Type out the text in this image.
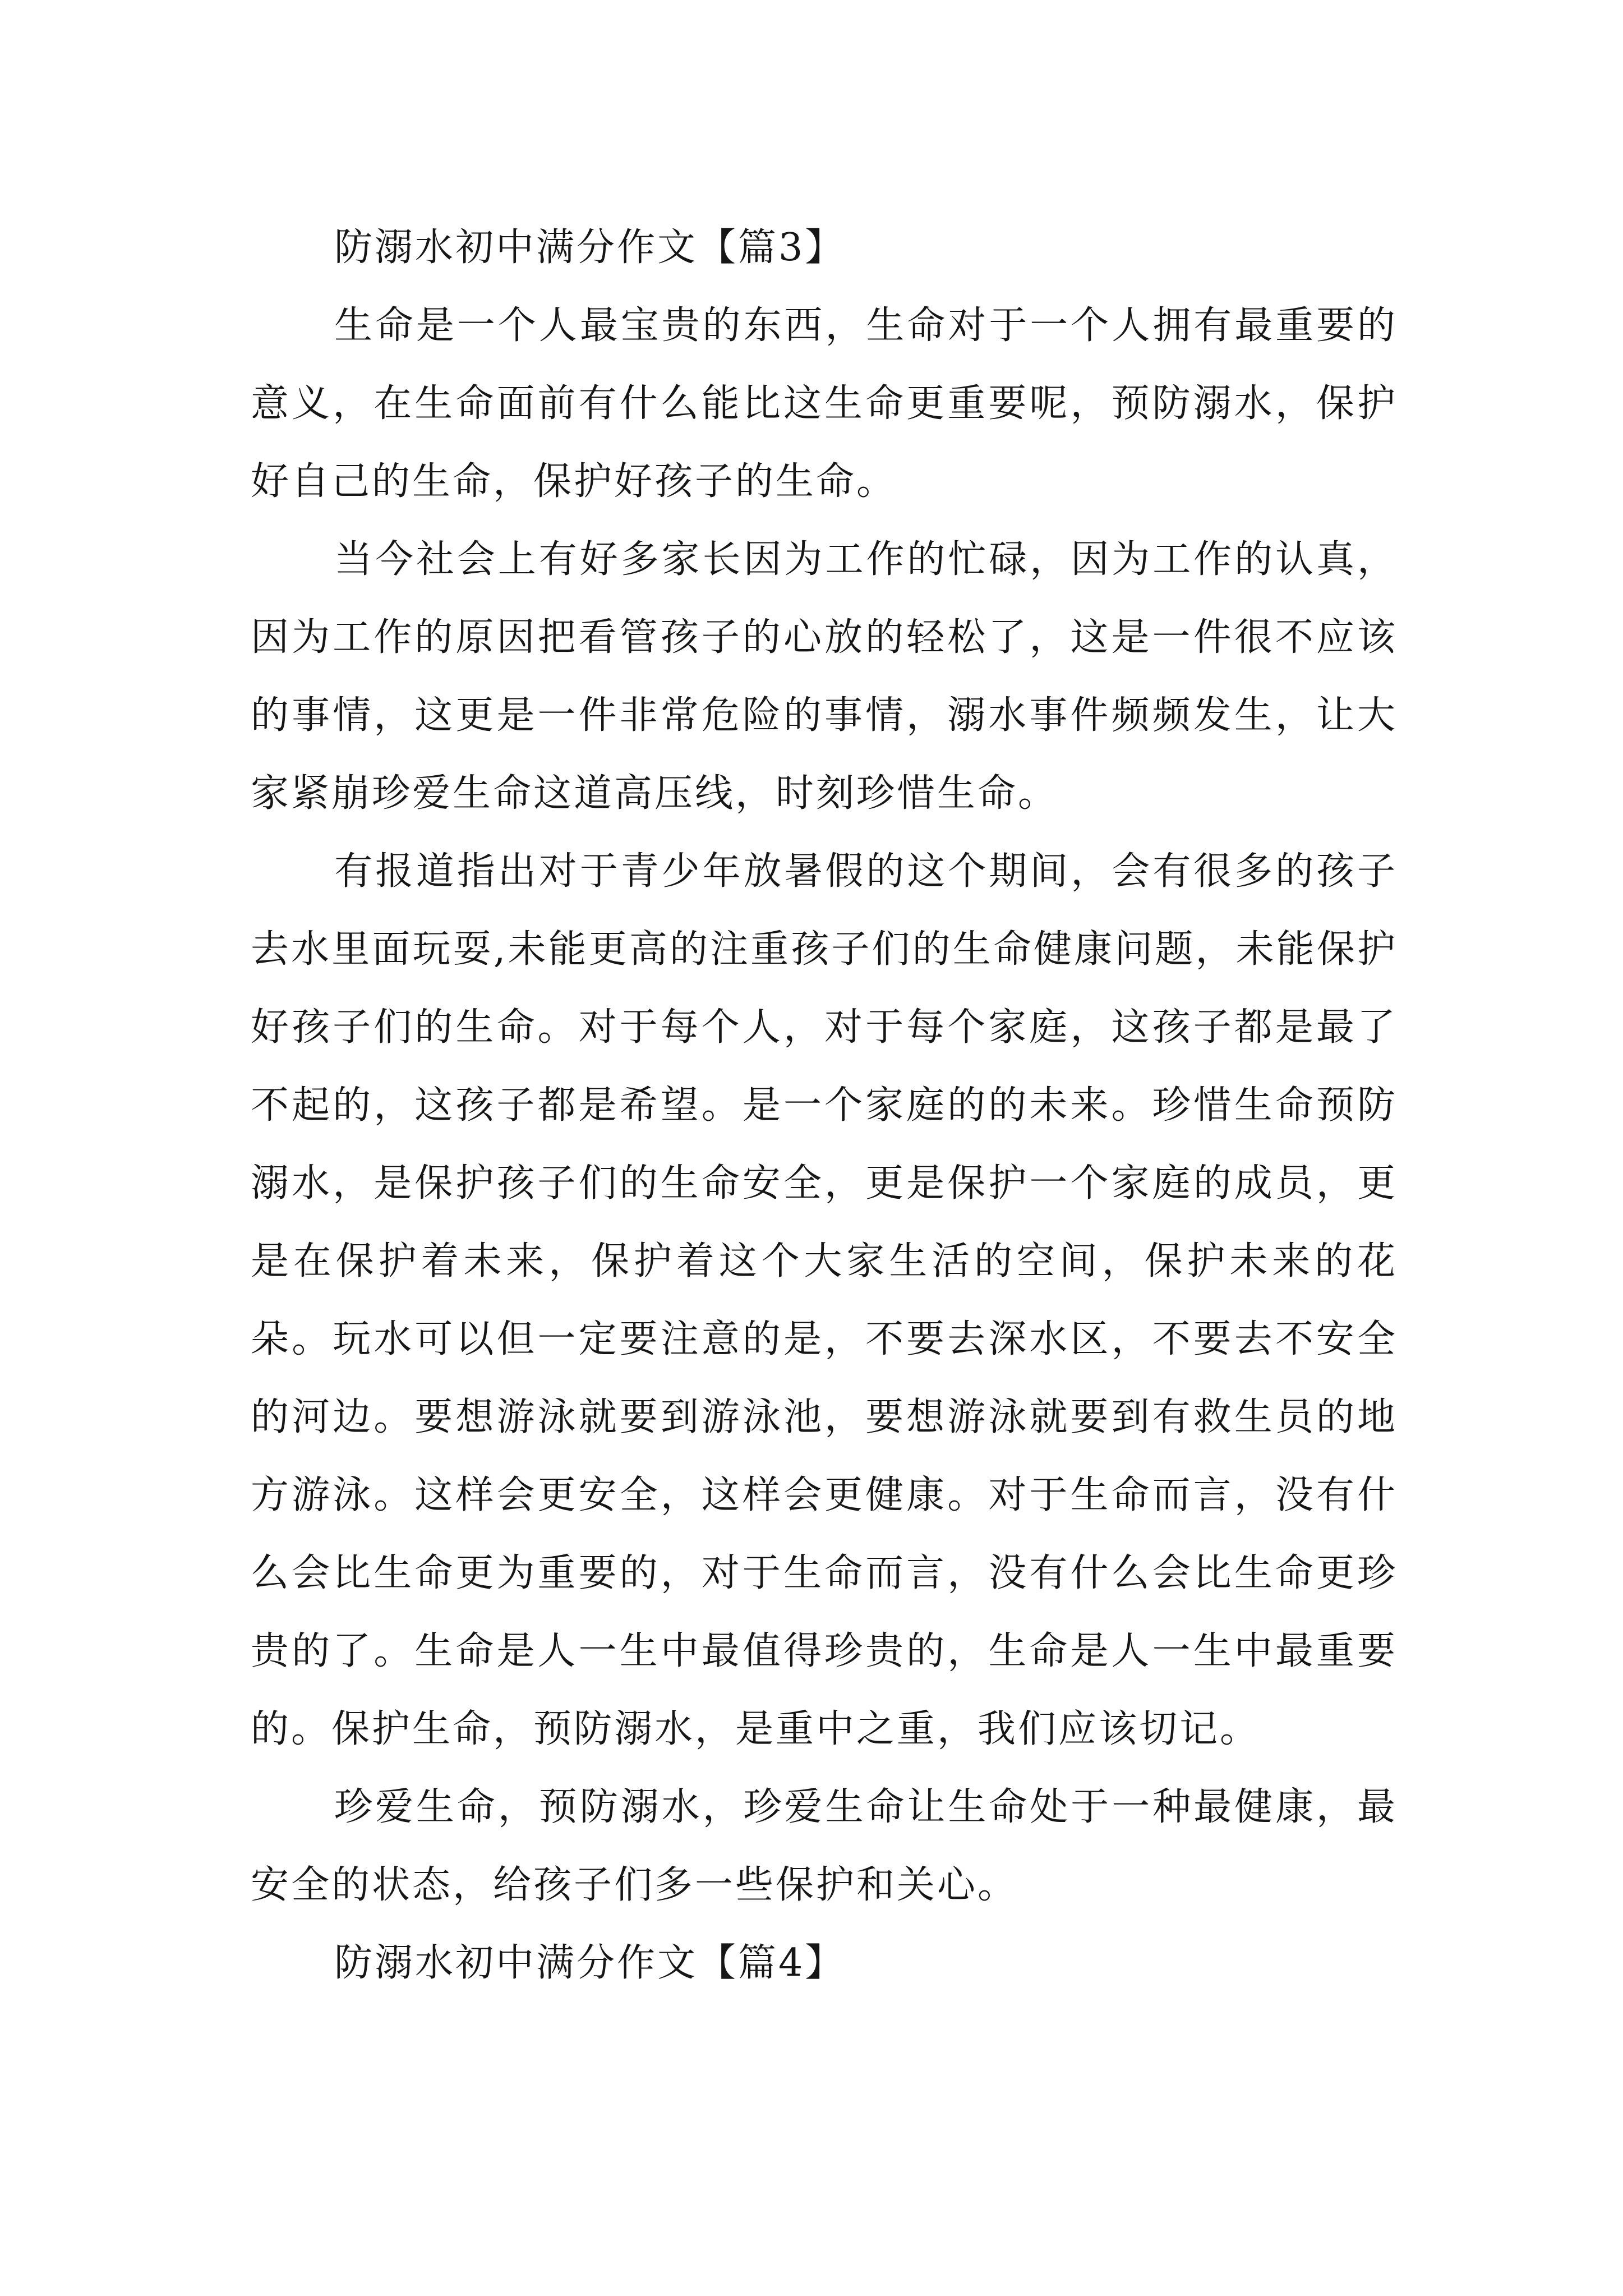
防溺水初中满分作文【篇3】

生命是一个人最宝贵的东西，生命对于一个人拥有最重要的意义，在生命面前有什么能比这生命更重要呢，预防溺水，保护好自己的生命，保护好孩子的生命。

当今社会上有好多家长因为工作的忙碌，因为工作的认真，因为工作的原因把看管孩子的心放的轻松了，这是一件很不应该的事情，这更是一件非常危险的事情，溺水事件频频发生，让大家紧崩珍爱生命这道高压线，时刻珍惜生命。

有报道指出对于青少年放暑假的这个期间，会有很多的孩子去水里面玩耍,未能更高的注重孩子们的生命健康问题，未能保护好孩子们的生命。对于每个人，对于每个家庭，这孩子都是最了不起的，这孩子都是希望。是一个家庭的的未来。珍惜生命预防溺水，是保护孩子们的生命安全，更是保护一个家庭的成员，更是在保护着未来，保护着这个大家生活的空间，保护未来的花朵。玩水可以但一定要注意的是，不要去深水区，不要去不安全的河边。要想游泳就要到游泳池，要想游泳就要到有救生员的地方游泳。这样会更安全，这样会更健康。对于生命而言，没有什么会比生命更为重要的，对于生命而言，没有什么会比生命更珍贵的了。生命是人一生中最值得珍贵的，生命是人一生中最重要的。保护生命，预防溺水，是重中之重，我们应该切记。

珍爱生命，预防溺水，珍爱生命让生命处于一种最健康，最安全的状态，给孩子们多一些保护和关心。

防溺水初中满分作文【篇4】
